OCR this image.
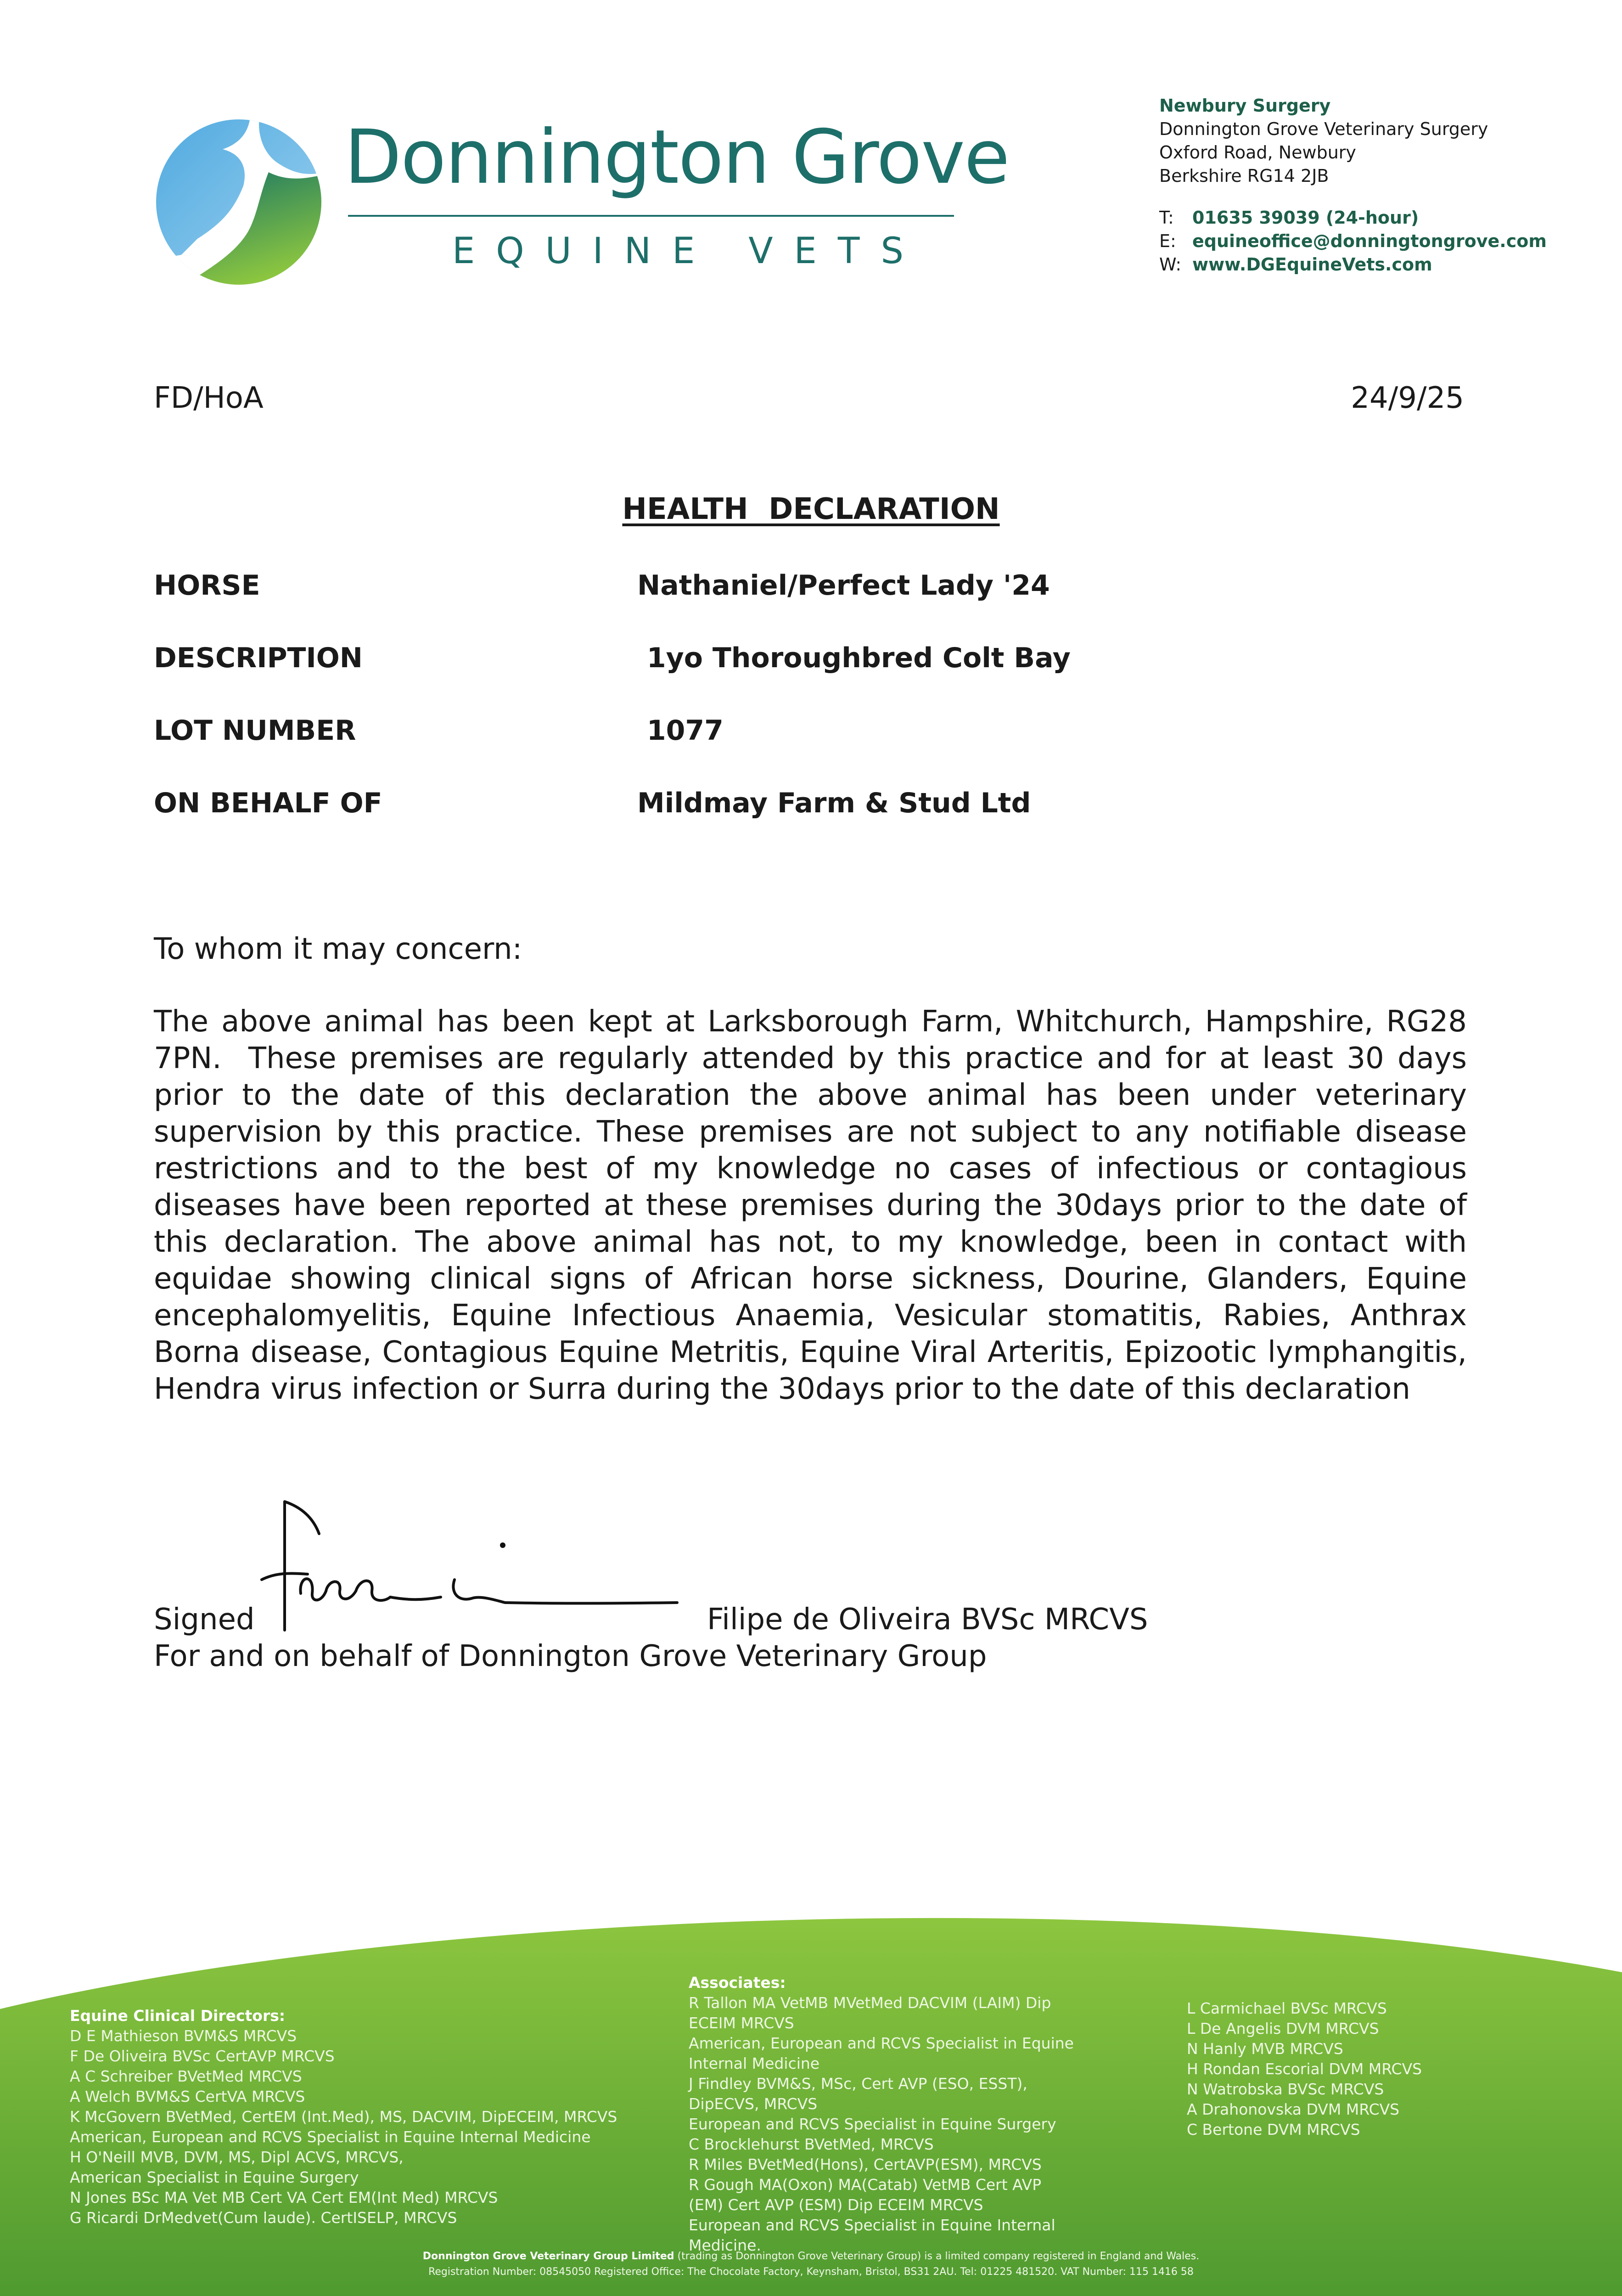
Donnington Grove
EQUINE VETS
Newbury Surgery
Donnington Grove Veterinary Surgery
Oxford Road, Newbury
Berkshire RG14 2JB
T: 01635 39039 (24-hour)
E: equineoffice@donningtongrove.com
W: www.DGEquineVets.com
FD/HoA	24/9/25
HEALTH  DECLARATION
HORSE	Nathaniel/Perfect Lady '24
DESCRIPTION	1yo Thoroughbred Colt Bay
LOT NUMBER	1077
ON BEHALF OF	Mildmay Farm & Stud Ltd
To whom it may concern:
The above animal has been kept at Larksborough Farm, Whitchurch, Hampshire, RG28 7PN.  These premises are regularly attended by this practice and for at least 30 days prior to the date of this declaration the above animal has been under veterinary supervision by this practice. These premises are not subject to any notifiable disease restrictions and to the best of my knowledge no cases of infectious or contagious diseases have been reported at these premises during the 30days prior to the date of this declaration. The above animal has not, to my knowledge, been in contact with equidae showing clinical signs of African horse sickness, Dourine, Glanders, Equine encephalomyelitis, Equine Infectious Anaemia, Vesicular stomatitis, Rabies, Anthrax Borna disease, Contagious Equine Metritis, Equine Viral Arteritis, Epizootic lymphangitis, Hendra virus infection or Surra during the 30days prior to the date of this declaration
Signed	Filipe de Oliveira BVSc MRCVS
For and on behalf of Donnington Grove Veterinary Group
Equine Clinical Directors:
D E Mathieson BVM&S MRCVS
F De Oliveira BVSc CertAVP MRCVS
A C Schreiber BVetMed MRCVS
A Welch BVM&S CertVA MRCVS
K McGovern BVetMed, CertEM (Int.Med), MS, DACVIM, DipECEIM, MRCVS
American, European and RCVS Specialist in Equine Internal Medicine
H O'Neill MVB, DVM, MS, Dipl ACVS, MRCVS,
American Specialist in Equine Surgery
N Jones BSc MA Vet MB Cert VA Cert EM(Int Med) MRCVS
G Ricardi DrMedvet(Cum laude). CertISELP, MRCVS
Associates:
R Tallon MA VetMB MVetMed DACVIM (LAIM) Dip
ECEIM MRCVS
American, European and RCVS Specialist in Equine
Internal Medicine
J Findley BVM&S, MSc, Cert AVP (ESO, ESST),
DipECVS, MRCVS
European and RCVS Specialist in Equine Surgery
C Brocklehurst BVetMed, MRCVS
R Miles BVetMed(Hons), CertAVP(ESM), MRCVS
R Gough MA(Oxon) MA(Catab) VetMB Cert AVP
(EM) Cert AVP (ESM) Dip ECEIM MRCVS
European and RCVS Specialist in Equine Internal
Medicine.
L Carmichael BVSc MRCVS
L De Angelis DVM MRCVS
N Hanly MVB MRCVS
H Rondan Escorial DVM MRCVS
N Watrobska BVSc MRCVS
A Drahonovska DVM MRCVS
C Bertone DVM MRCVS
Donnington Grove Veterinary Group Limited (trading as Donnington Grove Veterinary Group) is a limited company registered in England and Wales.
Registration Number: 08545050 Registered Office: The Chocolate Factory, Keynsham, Bristol, BS31 2AU. Tel: 01225 481520. VAT Number: 115 1416 58
